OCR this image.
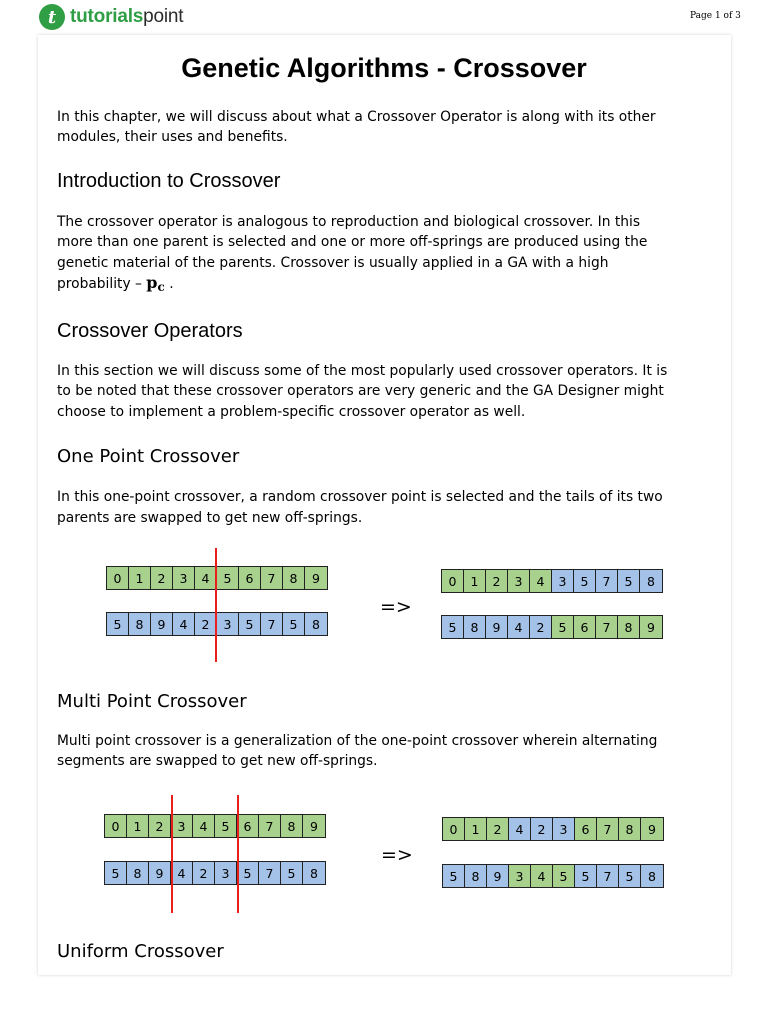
t tutorialspoint	Page 1 of 3
Genetic Algorithms - Crossover
In this chapter, we will discuss about what a Crossover Operator is along with its other
modules, their uses and benefits.
Introduction to Crossover
The crossover operator is analogous to reproduction and biological crossover. In this
more than one parent is selected and one or more off-springs are produced using the
genetic material of the parents. Crossover is usually applied in a GA with a high
probability – $p_c$ .
Crossover Operators
In this section we will discuss some of the most popularly used crossover operators. It is
to be noted that these crossover operators are very generic and the GA Designer might
choose to implement a problem-specific crossover operator as well.
One Point Crossover
In this one-point crossover, a random crossover point is selected and the tails of its two
parents are swapped to get new off-springs.
0	1	2	3	4	5	6	7	8	9
5	8	9	4	2	3	5	7	5	8
=>
0	1	2	3	4	3	5	7	5	8
5	8	9	4	2	5	6	7	8	9
Multi Point Crossover
Multi point crossover is a generalization of the one-point crossover wherein alternating
segments are swapped to get new off-springs.
0	1	2	3	4	5	6	7	8	9
5	8	9	4	2	3	5	7	5	8
=>
0	1	2	4	2	3	6	7	8	9
5	8	9	3	4	5	5	7	5	8
Uniform Crossover
